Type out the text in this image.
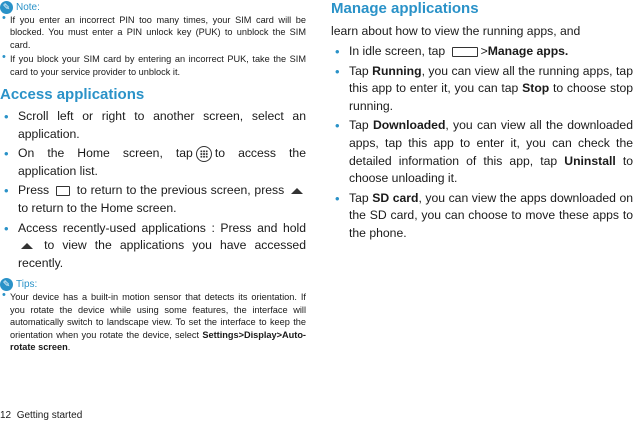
✎ Note:
• If you enter an incorrect PIN too many times, your SIM card will be blocked. You must enter a PIN unlock key (PUK) to unblock the SIM card.
• If you block your SIM card by entering an incorrect PUK, take the SIM card to your service provider to unblock it.
Access applications
• Scroll left or right to another screen, select an application.
• On the Home screen, tap to access the application list.
• Press to return to the previous screen, press  to return to the Home screen.
• Access recently-used applications : Press and hold  to view the applications you have accessed recently.
✎ Tips:
• Your device has a built-in motion sensor that detects its orientation. If you rotate the device while using some features, the interface will automatically switch to landscape view. To set the interface to keep the orientation when you rotate the device, select Settings>Display>Auto-rotate screen.
Manage applications

learn about how to view the running apps, and

• In idle screen, tap	>Manage apps.
• Tap Running, you can view all the running apps, tap this app to enter it, you can tap Stop to choose stop running.
• Tap Downloaded, you can view all the downloaded apps, tap this app to enter it, you can check the detailed information of this app, tap Uninstall to choose unloading it.
• Tap SD card, you can view the apps downloaded on the SD card, you can choose to move these apps to the phone.
12 Getting started
